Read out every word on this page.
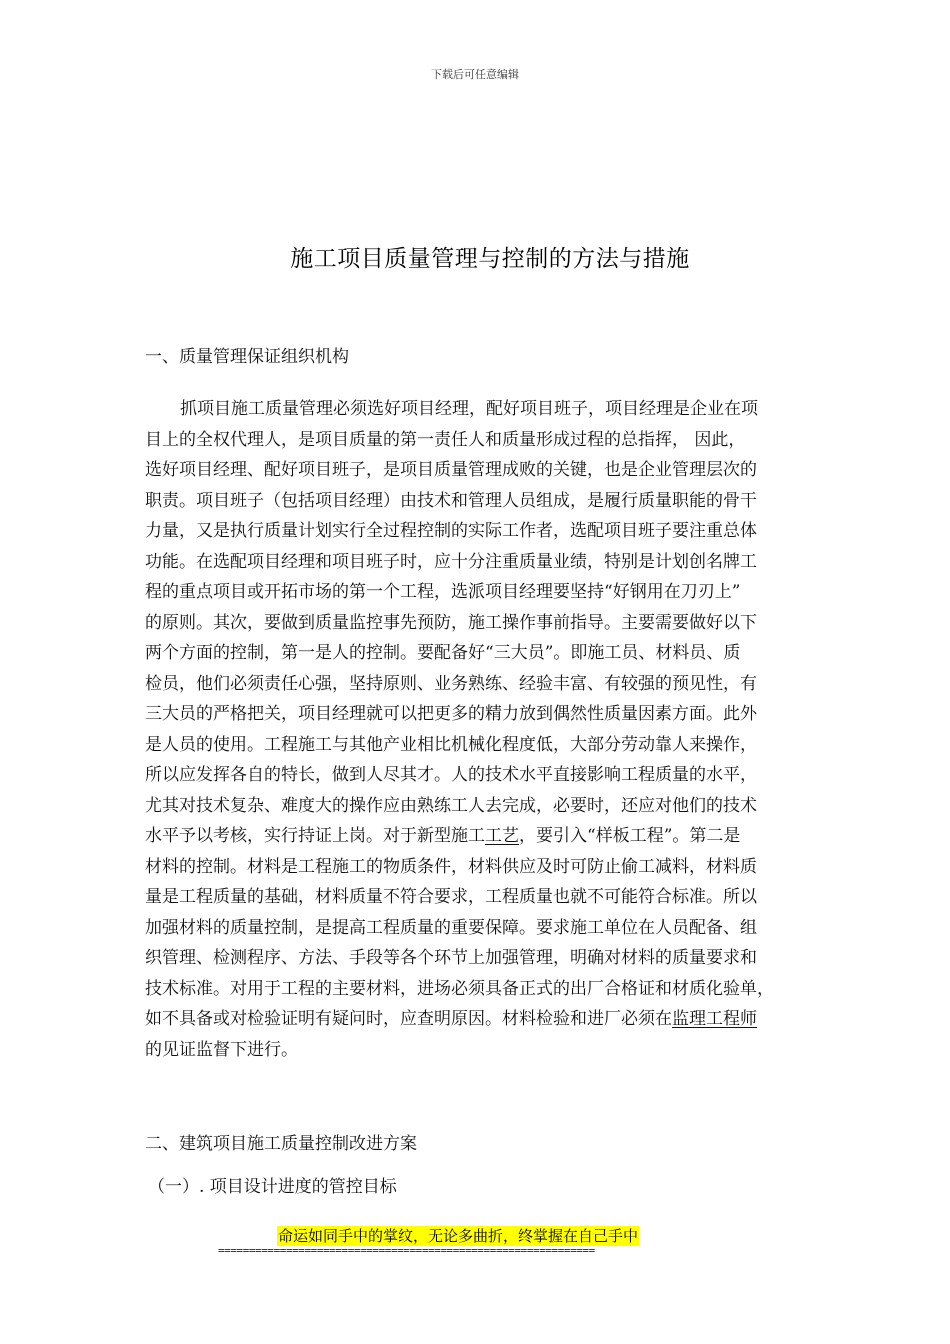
下载后可任意编辑
施工项目质量管理与控制的方法与措施
一、质量管理保证组织机构
抓项目施工质量管理必须选好项目经理，配好项目班子，项目经理是企业在项
目上的全权代理人，是项目质量的第一责任人和质量形成过程的总指挥， 因此，
选好项目经理、配好项目班子，是项目质量管理成败的关键，也是企业管理层次的
职责。项目班子（包括项目经理）由技术和管理人员组成，是履行质量职能的骨干
力量，又是执行质量计划实行全过程控制的实际工作者，选配项目班子要注重总体
功能。在选配项目经理和项目班子时，应十分注重质量业绩，特别是计划创名牌工
程的重点项目或开拓市场的第一个工程，选派项目经理要坚持“好钢用在刀刃上”
的原则。其次，要做到质量监控事先预防，施工操作事前指导。主要需要做好以下
两个方面的控制，第一是人的控制。要配备好“三大员”。即施工员、材料员、质
检员，他们必须责任心强，坚持原则、业务熟练、经验丰富、有较强的预见性，有
三大员的严格把关，项目经理就可以把更多的精力放到偶然性质量因素方面。此外
是人员的使用。工程施工与其他产业相比机械化程度低，大部分劳动靠人来操作，
所以应发挥各自的特长，做到人尽其才。人的技术水平直接影响工程质量的水平，
尤其对技术复杂、难度大的操作应由熟练工人去完成，必要时，还应对他们的技术
水平予以考核，实行持证上岗。对于新型施工工艺，要引入“样板工程”。第二是
材料的控制。材料是工程施工的物质条件，材料供应及时可防止偷工减料，材料质
量是工程质量的基础，材料质量不符合要求，工程质量也就不可能符合标准。所以
加强材料的质量控制，是提高工程质量的重要保障。要求施工单位在人员配备、组
织管理、检测程序、方法、手段等各个环节上加强管理，明确对材料的质量要求和
技术标准。对用于工程的主要材料，进场必须具备正式的出厂合格证和材质化验单，
如不具备或对检验证明有疑问时，应查明原因。材料检验和进厂必须在监理工程师
的见证监督下进行。
二、建筑项目施工质量控制改进方案
（一）. 项目设计进度的管控目标
命运如同手中的掌纹，无论多曲折，终掌握在自己手中
=============================================================
